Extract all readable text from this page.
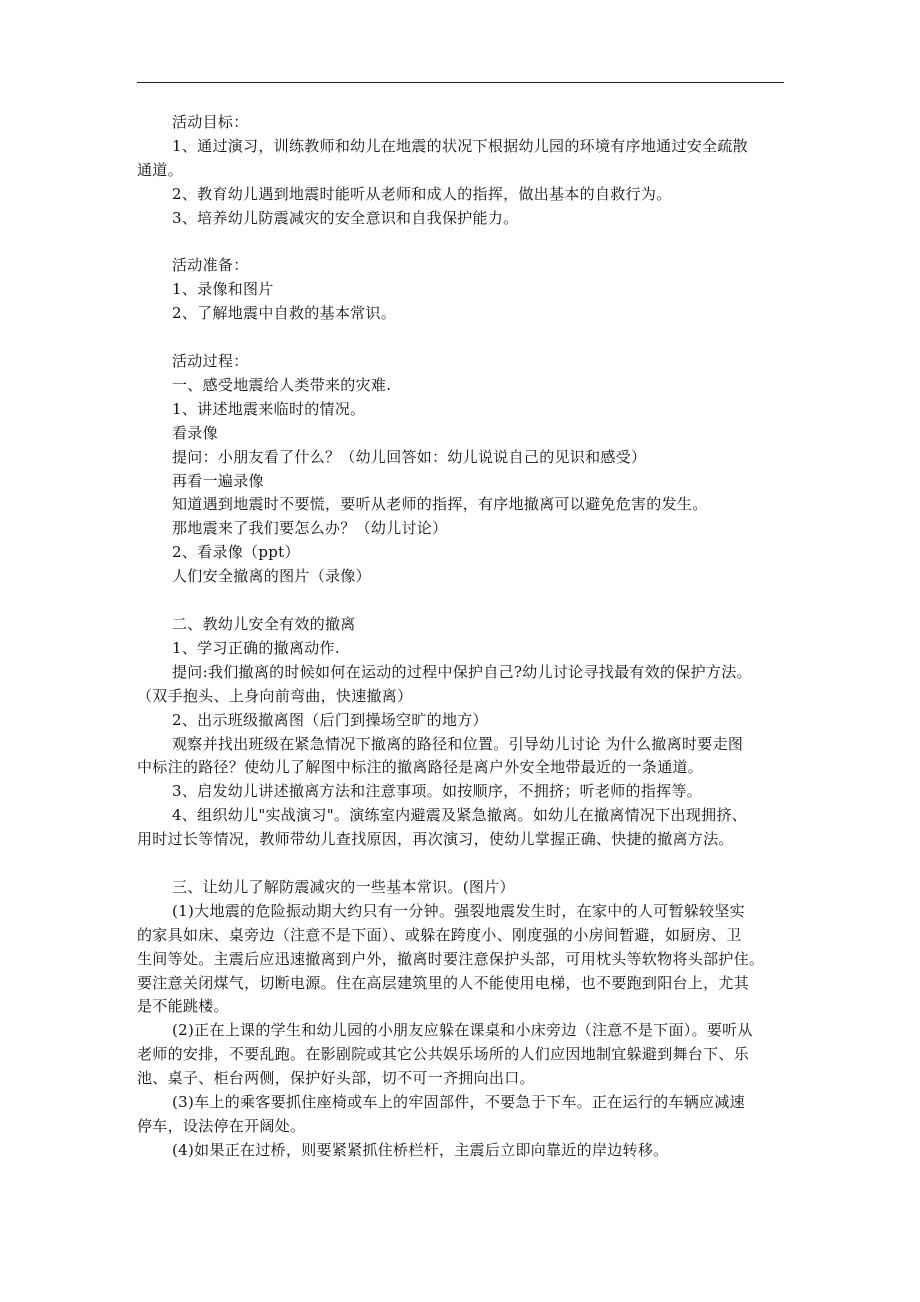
活动目标：
1、通过演习，训练教师和幼儿在地震的状况下根据幼儿园的环境有序地通过安全疏散
通道。
2、教育幼儿遇到地震时能听从老师和成人的指挥，做出基本的自救行为。
3、培养幼儿防震减灾的安全意识和自我保护能力。
活动准备：
1、录像和图片
2、了解地震中自救的基本常识。
活动过程：
一、感受地震给人类带来的灾难.
1、讲述地震来临时的情况。
看录像
提问：小朋友看了什么？（幼儿回答如：幼儿说说自己的见识和感受）
再看一遍录像
知道遇到地震时不要慌，要听从老师的指挥，有序地撤离可以避免危害的发生。
那地震来了我们要怎么办？（幼儿讨论）
2、看录像（ppt）
人们安全撤离的图片（录像）
二、教幼儿安全有效的撤离
1、学习正确的撤离动作.
提问:我们撤离的时候如何在运动的过程中保护自己?幼儿讨论寻找最有效的保护方法。
（双手抱头、上身向前弯曲，快速撤离）
2、出示班级撤离图（后门到操场空旷的地方）
观察并找出班级在紧急情况下撤离的路径和位置。引导幼儿讨论 为什么撤离时要走图
中标注的路径？使幼儿了解图中标注的撤离路径是离户外安全地带最近的一条通道。
3、启发幼儿讲述撤离方法和注意事项。如按顺序，不拥挤；听老师的指挥等。
4、组织幼儿"实战演习"。演练室内避震及紧急撤离。如幼儿在撤离情况下出现拥挤、
用时过长等情况，教师带幼儿查找原因，再次演习，使幼儿掌握正确、快捷的撤离方法。
三、让幼儿了解防震减灾的一些基本常识。(图片）
(1)大地震的危险振动期大约只有一分钟。强裂地震发生时，在家中的人可暂躲较坚实
的家具如床、桌旁边（注意不是下面）、或躲在跨度小、刚度强的小房间暂避，如厨房、卫
生间等处。主震后应迅速撤离到户外，撤离时要注意保护头部，可用枕头等软物将头部护住。
要注意关闭煤气，切断电源。住在高层建筑里的人不能使用电梯，也不要跑到阳台上，尤其
是不能跳楼。
(2)正在上课的学生和幼儿园的小朋友应躲在课桌和小床旁边（注意不是下面）。要听从
老师的安排，不要乱跑。在影剧院或其它公共娱乐场所的人们应因地制宜躲避到舞台下、乐
池、桌子、柜台两侧，保护好头部，切不可一齐拥向出口。
(3)车上的乘客要抓住座椅或车上的牢固部件，不要急于下车。正在运行的车辆应减速
停车，设法停在开阔处。
(4)如果正在过桥，则要紧紧抓住桥栏杆，主震后立即向靠近的岸边转移。
